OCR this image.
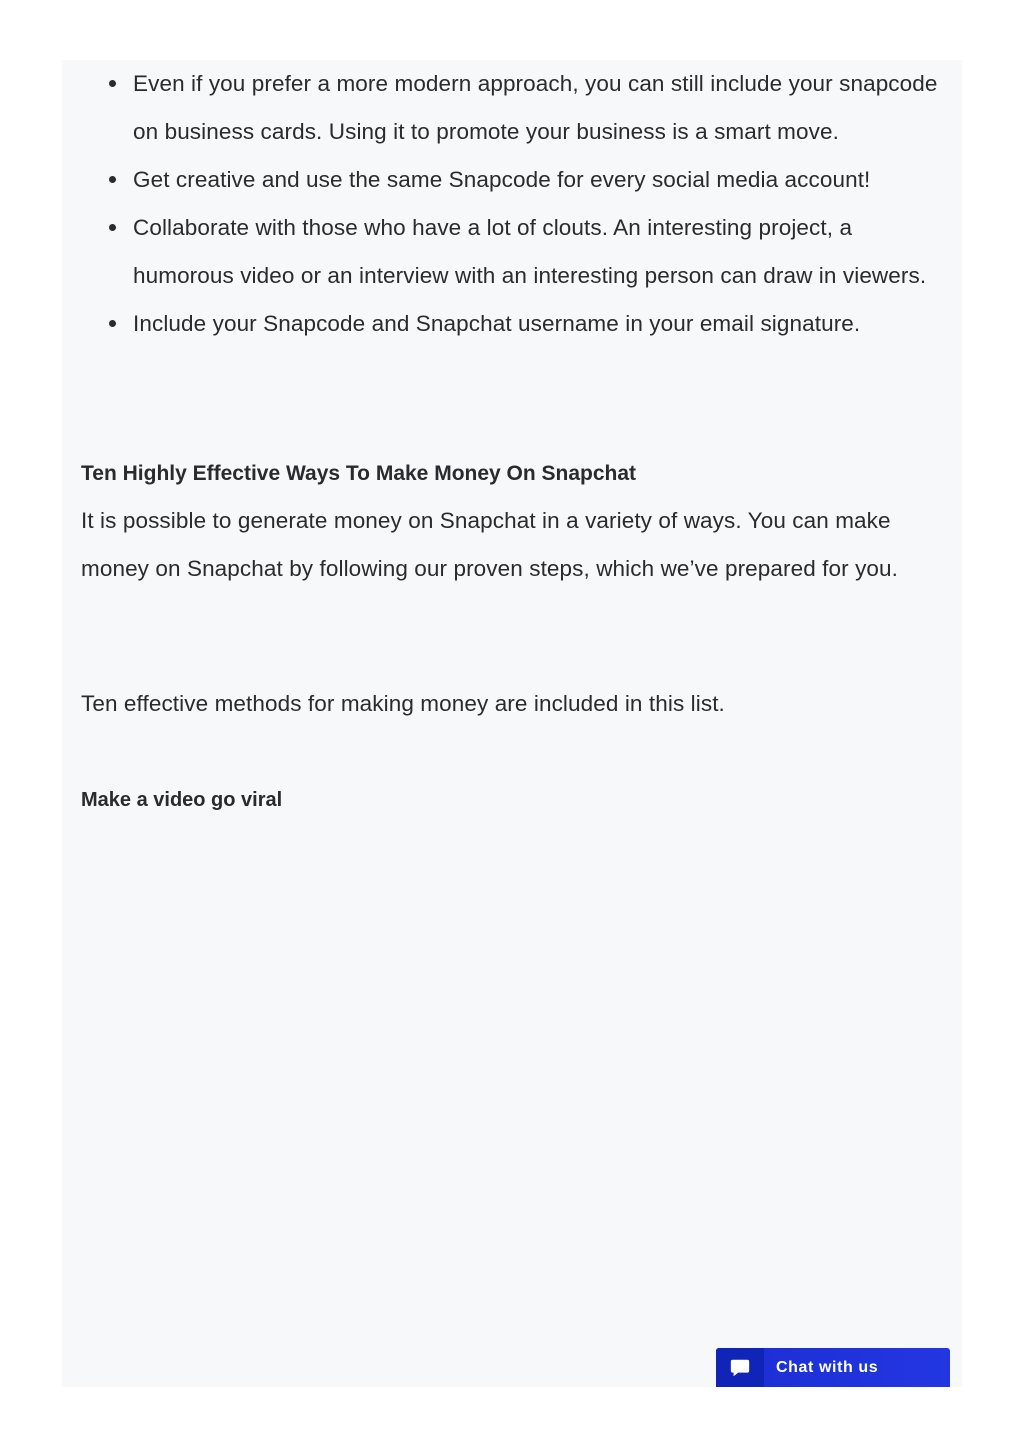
Even if you prefer a more modern approach, you can still include your snapcode on business cards. Using it to promote your business is a smart move.
Get creative and use the same Snapcode for every social media account!
Collaborate with those who have a lot of clouts. An interesting project, a humorous video or an interview with an interesting person can draw in viewers.
Include your Snapcode and Snapchat username in your email signature.
Ten Highly Effective Ways To Make Money On Snapchat

It is possible to generate money on Snapchat in a variety of ways. You can make money on Snapchat by following our proven steps, which we’ve prepared for you.

Ten effective methods for making money are included in this list.

Make a video go viral
Chat with us
